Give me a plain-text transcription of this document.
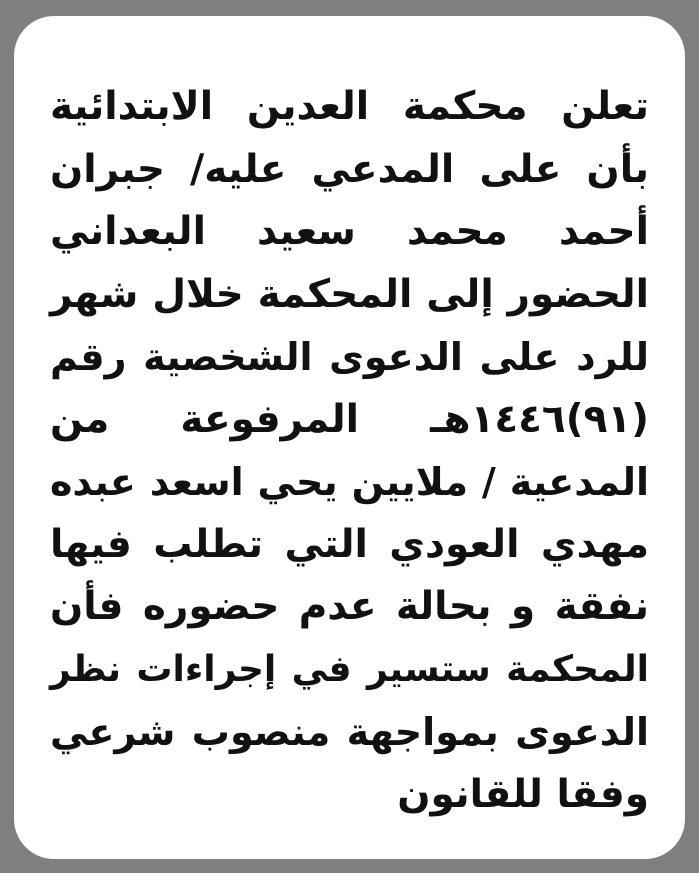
تعلن محكمة العدين الابتدائية
بأن على المدعي عليه/ جبران
أحمد محمد سعيد البعداني
الحضور إلى المحكمة خلال شهر
للرد على الدعوى الشخصية رقم
(٩١)١٤٤٦هـ المرفوعة من
المدعية / ملايين يحي اسعد عبده
مهدي العودي التي تطلب فيها
نفقة و بحالة عدم حضوره فأن
المحكمة ستسير في إجراءات نظر
الدعوى بمواجهة منصوب شرعي
وفقا للقانون
